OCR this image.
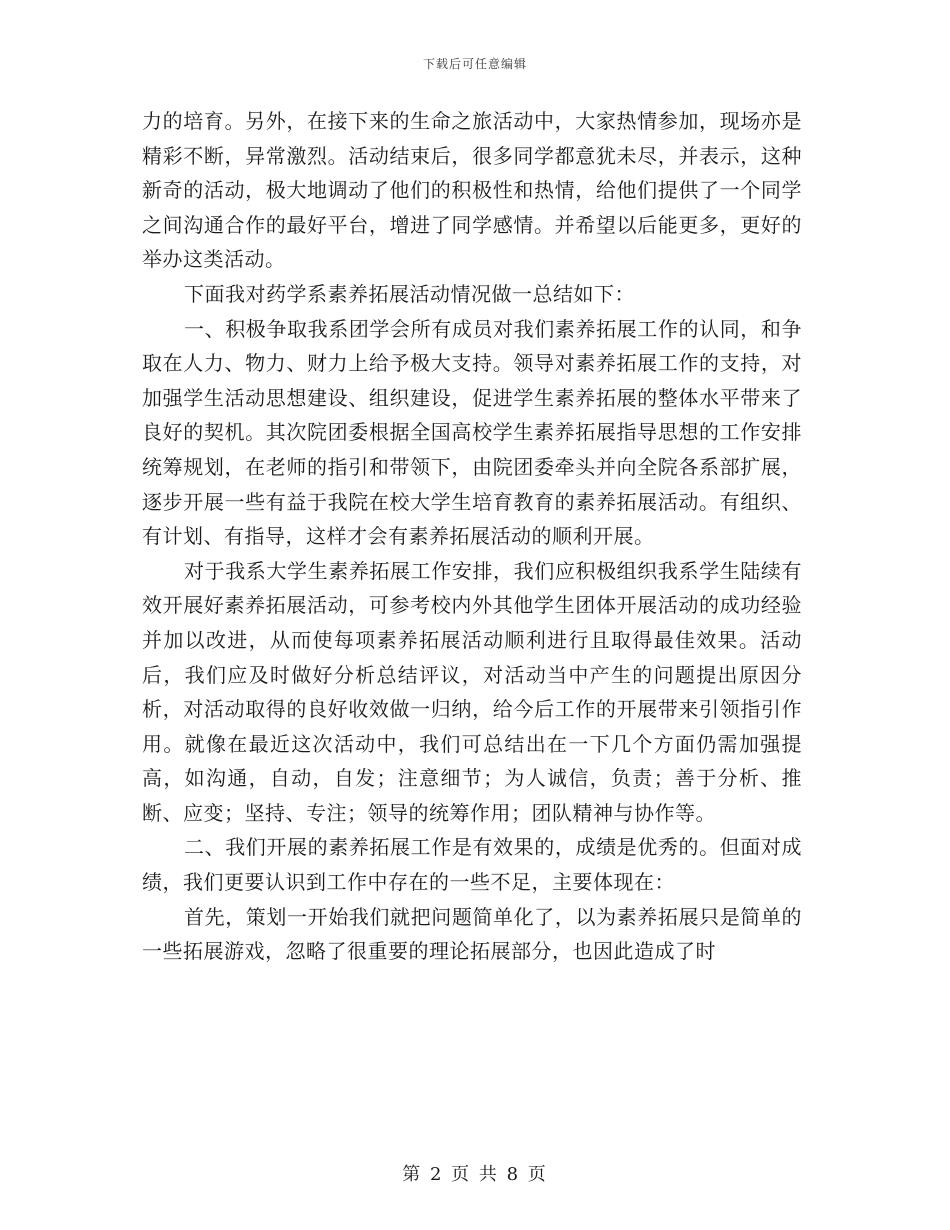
下载后可任意编辑

力的培育。另外，在接下来的生命之旅活动中，大家热情参加，现场亦是精彩不断，异常激烈。活动结束后，很多同学都意犹未尽，并表示，这种新奇的活动，极大地调动了他们的积极性和热情，给他们提供了一个同学之间沟通合作的最好平台，增进了同学感情。并希望以后能更多，更好的举办这类活动。

下面我对药学系素养拓展活动情况做一总结如下：

一、积极争取我系团学会所有成员对我们素养拓展工作的认同，和争取在人力、物力、财力上给予极大支持。领导对素养拓展工作的支持，对加强学生活动思想建设、组织建设，促进学生素养拓展的整体水平带来了良好的契机。其次院团委根据全国高校学生素养拓展指导思想的工作安排统筹规划，在老师的指引和带领下，由院团委牵头并向全院各系部扩展，逐步开展一些有益于我院在校大学生培育教育的素养拓展活动。有组织、有计划、有指导，这样才会有素养拓展活动的顺利开展。

对于我系大学生素养拓展工作安排，我们应积极组织我系学生陆续有效开展好素养拓展活动，可参考校内外其他学生团体开展活动的成功经验并加以改进，从而使每项素养拓展活动顺利进行且取得最佳效果。活动后，我们应及时做好分析总结评议，对活动当中产生的问题提出原因分析，对活动取得的良好收效做一归纳，给今后工作的开展带来引领指引作用。就像在最近这次活动中，我们可总结出在一下几个方面仍需加强提高，如沟通，自动，自发；注意细节；为人诚信，负责；善于分析、推断、应变；坚持、专注；领导的统筹作用；团队精神与协作等。

二、我们开展的素养拓展工作是有效果的，成绩是优秀的。但面对成绩，我们更要认识到工作中存在的一些不足，主要体现在：

首先，策划一开始我们就把问题简单化了，以为素养拓展只是简单的一些拓展游戏，忽略了很重要的理论拓展部分，也因此造成了时

第 2 页 共 8 页
